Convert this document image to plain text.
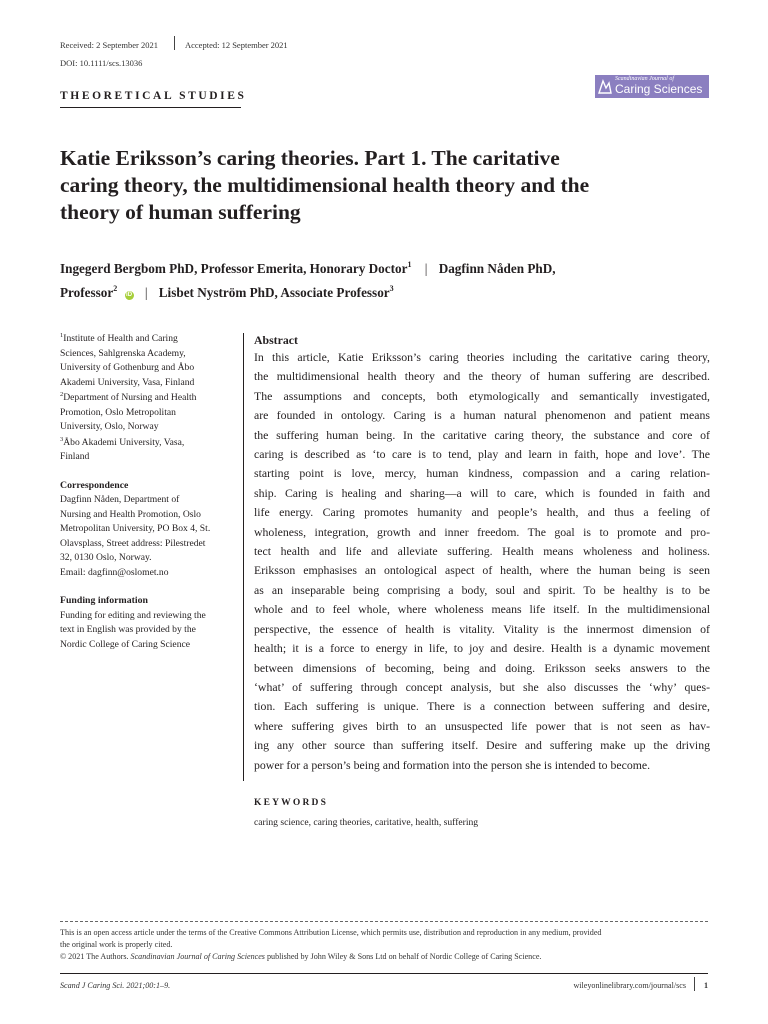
Received: 2 September 2021	Accepted: 12 September 2021
DOI: 10.1111/scs.13036
THEORETICAL STUDIES
Scandinavian Journal of
Caring Sciences
Katie Eriksson’s caring theories. Part 1. The caritative
caring theory, the multidimensional health theory and the
theory of human suffering
Ingegerd Bergbom PhD, Professor Emerita, Honorary Doctor$^1$ | Dagfinn Nåden PhD,
Professor$^2$ iD | Lisbet Nyström PhD, Associate Professor$^3$
$^1$Institute of Health and Caring
Sciences, Sahlgrenska Academy,
University of Gothenburg and Åbo
Akademi University, Vasa, Finland
$^2$Department of Nursing and Health
Promotion, Oslo Metropolitan
University, Oslo, Norway
$^3$Åbo Akademi University, Vasa,
Finland
Correspondence
Dagfinn Nåden, Department of
Nursing and Health Promotion, Oslo
Metropolitan University, PO Box 4, St.
Olavsplass, Street address: Pilestredet
32, 0130 Oslo, Norway.
Email: dagfinn@oslomet.no
Funding information
Funding for editing and reviewing the
text in English was provided by the
Nordic College of Caring Science
Abstract
In this article, Katie Eriksson’s caring theories including the caritative caring theory,
the multidimensional health theory and the theory of human suffering are described.
The assumptions and concepts, both etymologically and semantically investigated,
are founded in ontology. Caring is a human natural phenomenon and patient means
the suffering human being. In the caritative caring theory, the substance and core of
caring is described as ‘to care is to tend, play and learn in faith, hope and love’. The
starting point is love, mercy, human kindness, compassion and a caring relation-
ship. Caring is healing and sharing—a will to care, which is founded in faith and
life energy. Caring promotes humanity and people’s health, and thus a feeling of
wholeness, integration, growth and inner freedom. The goal is to promote and pro-
tect health and life and alleviate suffering. Health means wholeness and holiness.
Eriksson emphasises an ontological aspect of health, where the human being is seen
as an inseparable being comprising a body, soul and spirit. To be healthy is to be
whole and to feel whole, where wholeness means life itself. In the multidimensional
perspective, the essence of health is vitality. Vitality is the innermost dimension of
health; it is a force to energy in life, to joy and desire. Health is a dynamic movement
between dimensions of becoming, being and doing. Eriksson seeks answers to the
‘what’ of suffering through concept analysis, but she also discusses the ‘why’ ques-
tion. Each suffering is unique. There is a connection between suffering and desire,
where suffering gives birth to an unsuspected life power that is not seen as hav-
ing any other source than suffering itself. Desire and suffering make up the driving
power for a person’s being and formation into the person she is intended to become.
KEYWORDS
caring science, caring theories, caritative, health, suffering
This is an open access article under the terms of the Creative Commons Attribution License, which permits use, distribution and reproduction in any medium, provided
the original work is properly cited.
© 2021 The Authors. Scandinavian Journal of Caring Sciences published by John Wiley & Sons Ltd on behalf of Nordic College of Caring Science.
Scand J Caring Sci. 2021;00:1–9.	wileyonlinelibrary.com/journal/scs 1
